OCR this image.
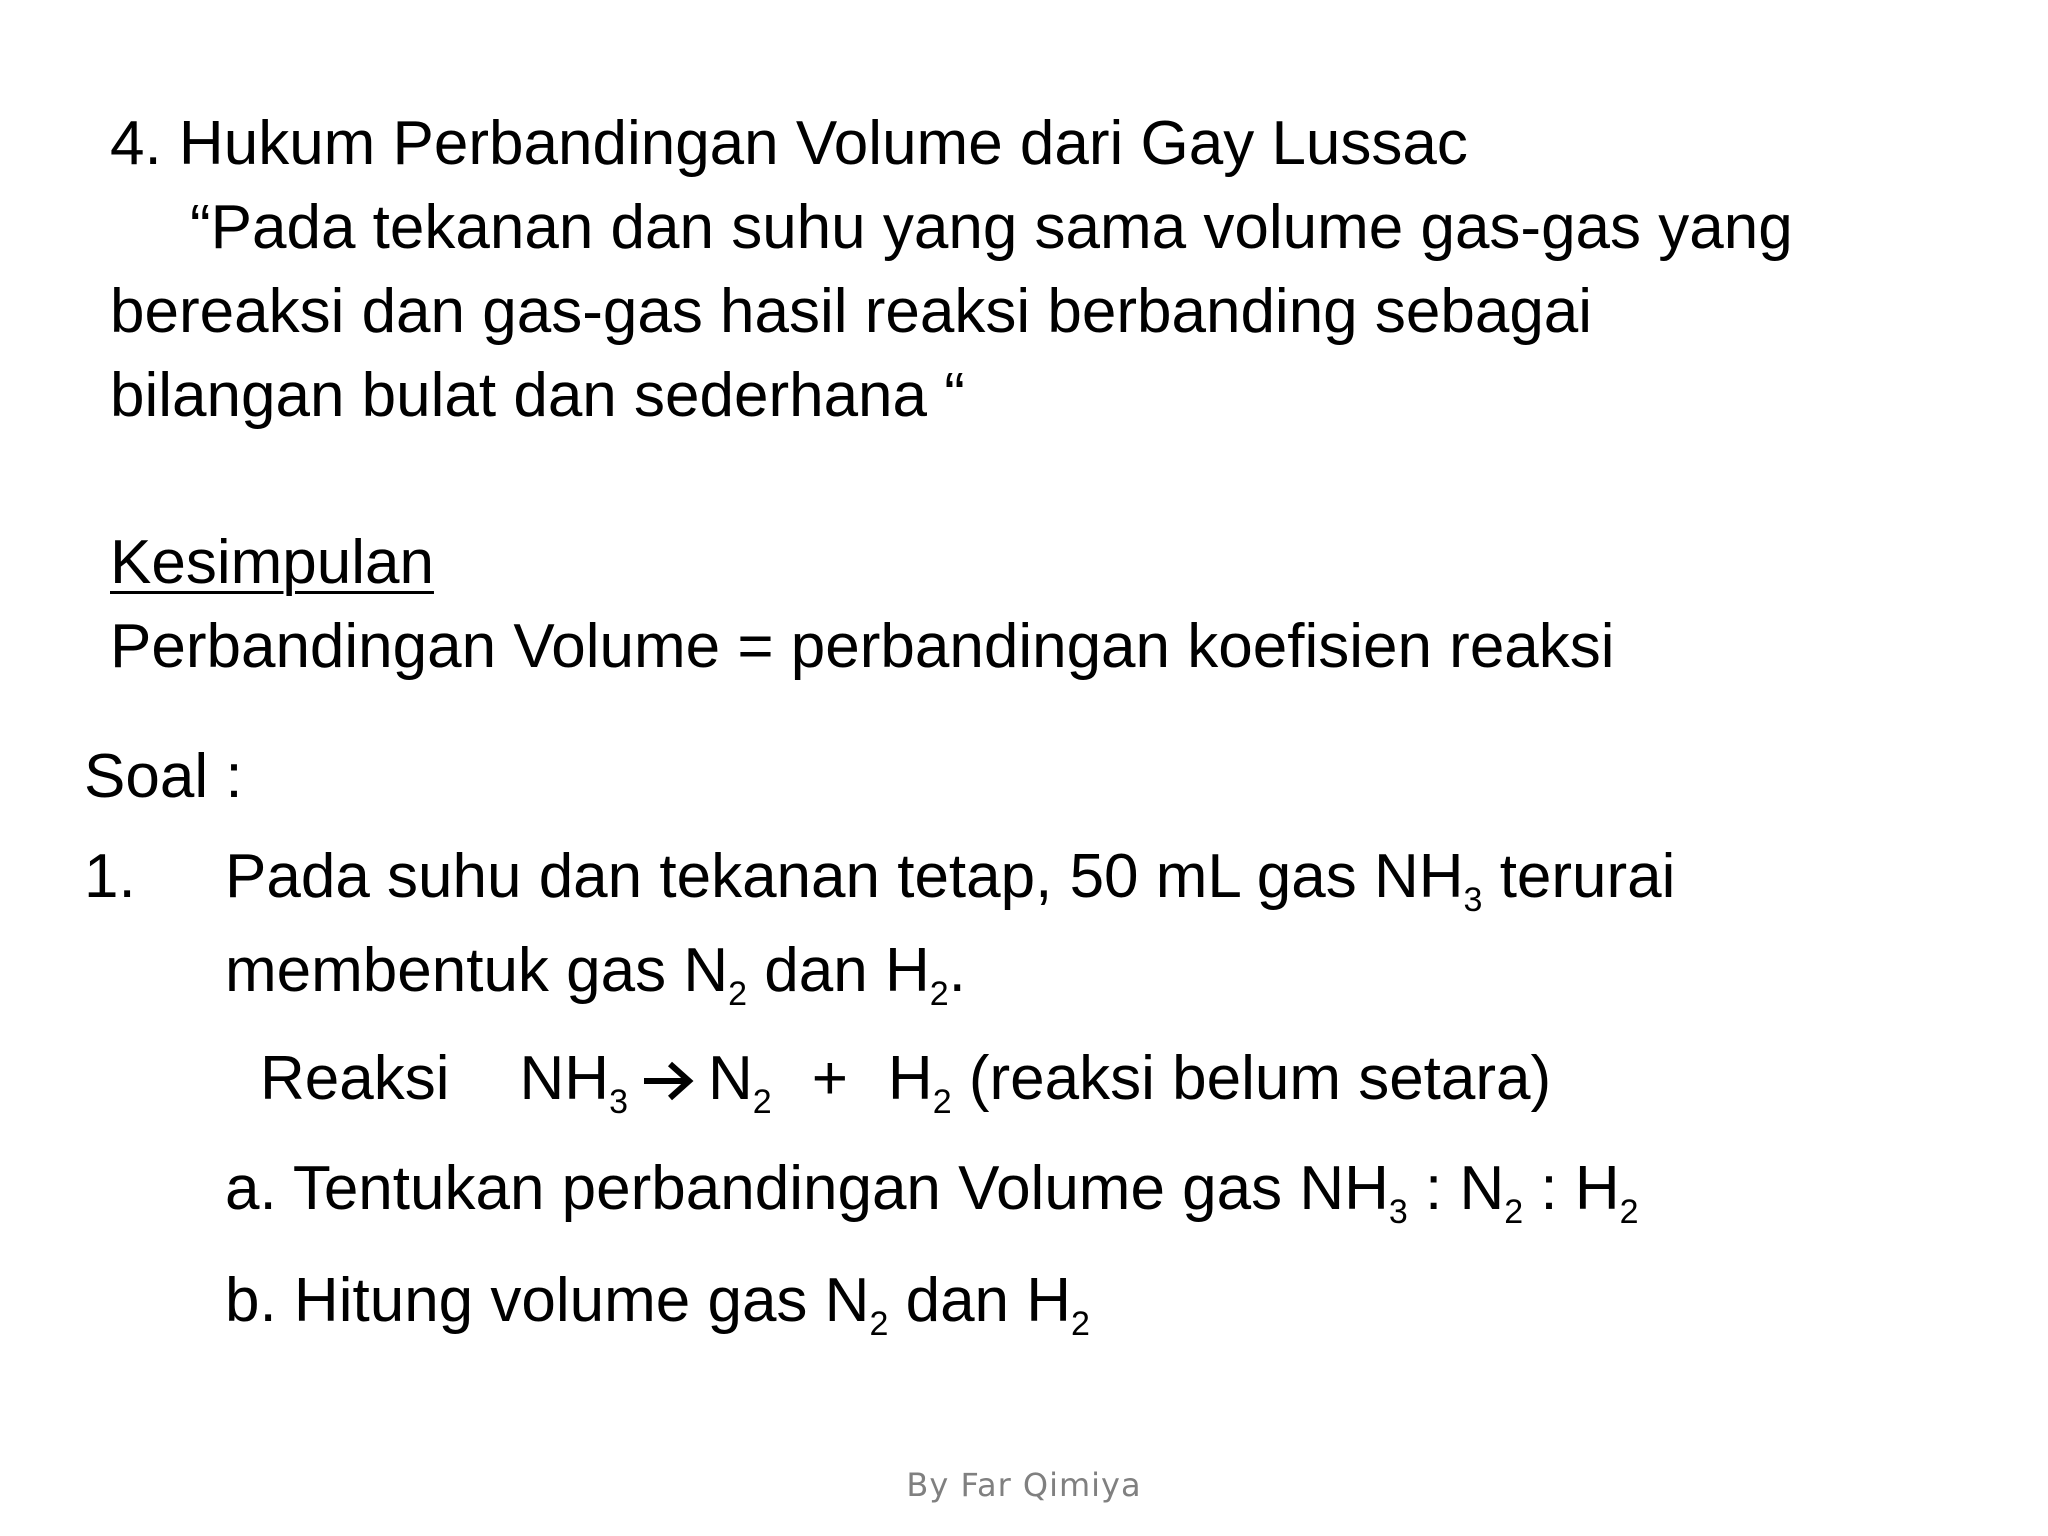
4. Hukum Perbandingan Volume dari Gay Lussac
“Pada tekanan dan suhu yang sama volume gas-gas yang
bereaksi dan gas-gas hasil reaksi berbanding sebagai
bilangan bulat dan sederhana “
Kesimpulan
Perbandingan Volume = perbandingan koefisien reaksi
Soal :
1. Pada suhu dan tekanan tetap, 50 mL gas $NH_3$ terurai
membentuk gas $N_2$ dan $H_2$.
Reaksi $NH_3$ $N_2 + H_2$ (reaksi belum setara)
a. Tentukan perbandingan Volume gas $NH_3$ : $N_2$ : $H_2$
b. Hitung volume gas $N_2$ dan $H_2$
By Far Qimiya
